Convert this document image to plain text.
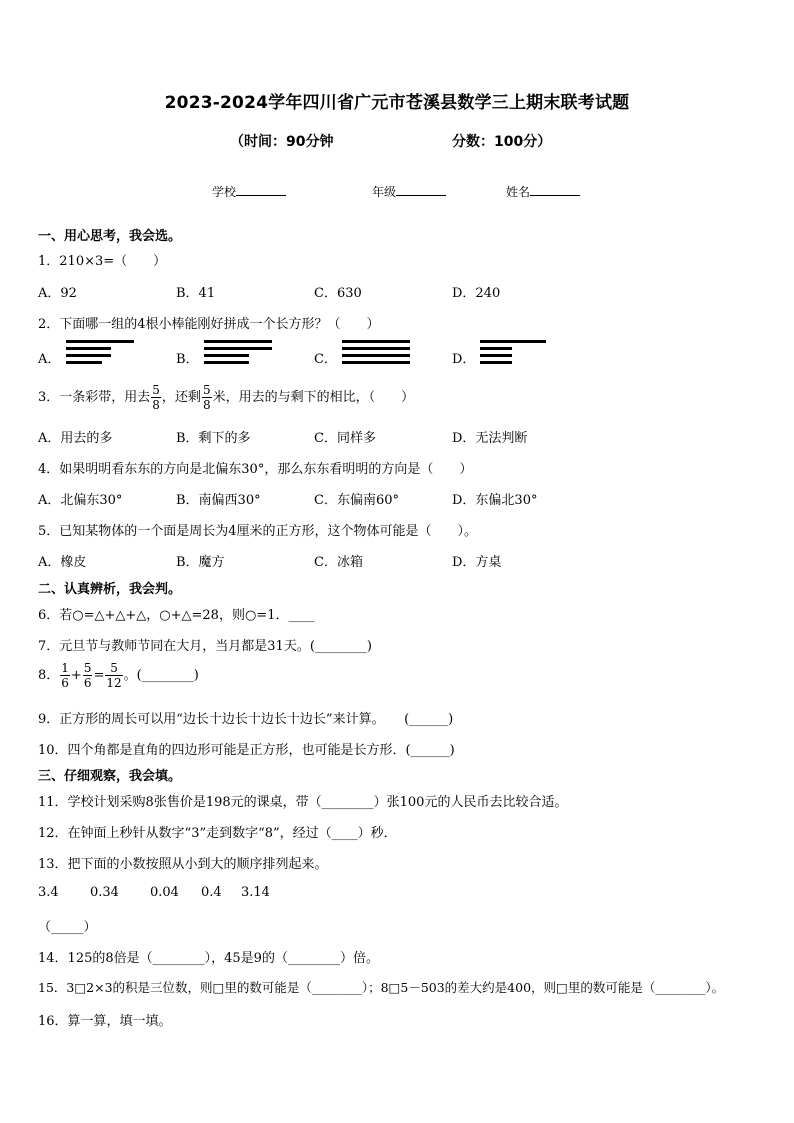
2023-2024学年四川省广元市苍溪县数学三上期末联考试题
（时间：90分钟	分数：100分）
学校	年级	姓名
一、用心思考，我会选。
1．210×3=（　　）
A．92	B．41	C．630	D．240
2．下面哪一组的4根小棒能刚好拼成一个长方形？（　　）
A．	B．	C．	D．
3．一条彩带，用去 $\frac{5}{8}$ ，还剩 $\frac{5}{8}$ 米，用去的与剩下的相比，（　　）
A．用去的多	B．剩下的多	C．同样多	D．无法判断
4．如果明明看东东的方向是北偏东30°，那么东东看明明的方向是（　　）
A．北偏东30°	B．南偏西30°	C．东偏南60°	D．东偏北30°
5．已知某物体的一个面是周长为4厘米的正方形，这个物体可能是（　　）。
A．橡皮	B．魔方	C．冰箱	D．方桌
二、认真辨析，我会判。
6．若○=△+△+△，○+△=28，则○=1．____
7．元旦节与教师节同在大月，当月都是31天。(________)
8． $\frac{1}{6} + \frac{5}{6} = \frac{5}{12}$ 。(________)
9．正方形的周长可以用“边长十边长十边长十边长”来计算。　　(______)
10．四个角都是直角的四边形可能是正方形，也可能是长方形．(______)
三、仔细观察，我会填。
11．学校计划采购8张售价是198元的课桌，带（________）张100元的人民币去比较合适。
12．在钟面上秒针从数字“3”走到数字“8”，经过（____）秒．
13．把下面的小数按照从小到大的顺序排列起来。
3.4 0.34 0.04 0.4 3.14
（_____）
14．125的8倍是（________），45是9的（________）倍。
15．3□2×3的积是三位数，则□里的数可能是（________）；8□5－503的差大约是400，则□里的数可能是（________）。
16．算一算，填一填。
